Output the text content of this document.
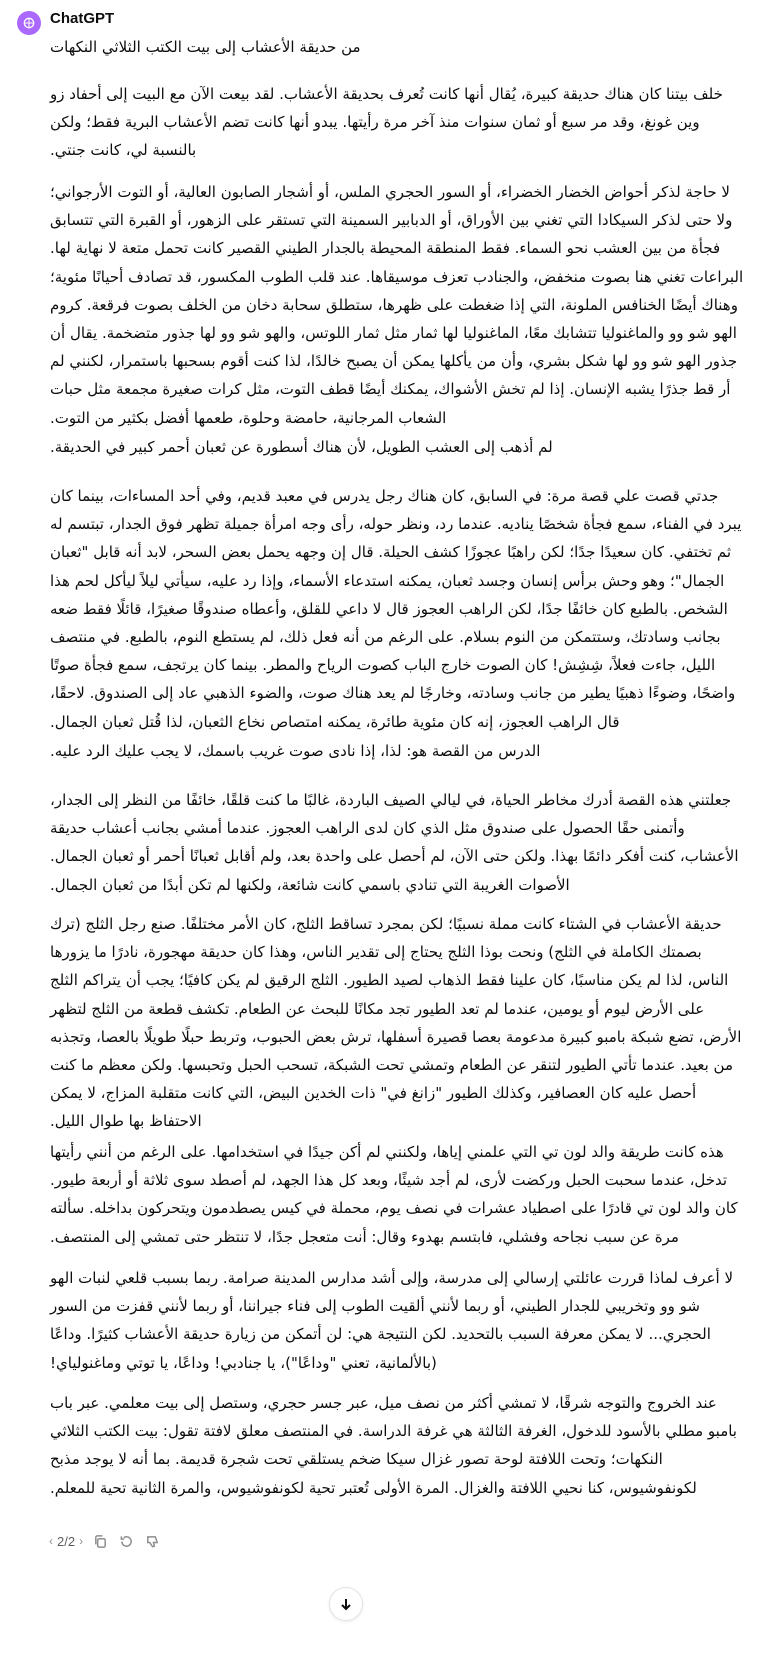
ChatGPT
من حديقة الأعشاب إلى بيت الكتب الثلاثي النكهات
خلف بيتنا كان هناك حديقة كبيرة، يُقال أنها كانت تُعرف بحديقة الأعشاب. لقد بيعت الآن مع البيت إلى أحفاد زو وين غونغ، وقد مر سبع أو ثمان سنوات منذ آخر مرة رأيتها. يبدو أنها كانت تضم الأعشاب البرية فقط؛ ولكن بالنسبة لي، كانت جنتي.
لا حاجة لذكر أحواض الخضار الخضراء، أو السور الحجري الملس، أو أشجار الصابون العالية، أو التوت الأرجواني؛ ولا حتى لذكر السيكادا التي تغني بين الأوراق، أو الدبابير السمينة التي تستقر على الزهور، أو القبرة التي تتسابق فجأة من بين العشب نحو السماء. فقط المنطقة المحيطة بالجدار الطيني القصير كانت تحمل متعة لا نهاية لها. البراعات تغني هنا بصوت منخفض، والجنادب تعزف موسيقاها. عند قلب الطوب المكسور، قد تصادف أحيانًا مئوية؛ وهناك أيضًا الخنافس الملونة، التي إذا ضغطت على ظهرها، ستطلق سحابة دخان من الخلف بصوت فرقعة. كروم الهو شو وو والماغنوليا تتشابك معًا، الماغنوليا لها ثمار مثل ثمار اللوتس، والهو شو وو لها جذور متضخمة. يقال أن جذور الهو شو وو لها شكل بشري، وأن من يأكلها يمكن أن يصبح خالدًا، لذا كنت أقوم بسحبها باستمرار، لكنني لم أر قط جذرًا يشبه الإنسان. إذا لم تخش الأشواك، يمكنك أيضًا قطف التوت، مثل كرات صغيرة مجمعة مثل حبات الشعاب المرجانية، حامضة وحلوة، طعمها أفضل بكثير من التوت.
لم أذهب إلى العشب الطويل، لأن هناك أسطورة عن ثعبان أحمر كبير في الحديقة.
جدتي قصت علي قصة مرة: في السابق، كان هناك رجل يدرس في معبد قديم، وفي أحد المساءات، بينما كان يبرد في الفناء، سمع فجأة شخصًا يناديه. عندما رد، ونظر حوله، رأى وجه امرأة جميلة تظهر فوق الجدار، تبتسم له ثم تختفي. كان سعيدًا جدًا؛ لكن راهبًا عجوزًا كشف الحيلة. قال إن وجهه يحمل بعض السحر، لابد أنه قابل "ثعبان الجمال"؛ وهو وحش برأس إنسان وجسد ثعبان، يمكنه استدعاء الأسماء، وإذا رد عليه، سيأتي ليلاً ليأكل لحم هذا الشخص. بالطبع كان خائفًا جدًا، لكن الراهب العجوز قال لا داعي للقلق، وأعطاه صندوقًا صغيرًا، قائلًا فقط ضعه بجانب وسادتك، وستتمكن من النوم بسلام. على الرغم من أنه فعل ذلك، لم يستطع النوم، بالطبع. في منتصف الليل، جاءت فعلاً، شِشِش! كان الصوت خارج الباب كصوت الرياح والمطر. بينما كان يرتجف، سمع فجأة صوتًا واضحًا، وضوءًا ذهبيًا يطير من جانب وسادته، وخارجًا لم يعد هناك صوت، والضوء الذهبي عاد إلى الصندوق. لاحقًا، قال الراهب العجوز، إنه كان مئوية طائرة، يمكنه امتصاص نخاع الثعبان، لذا قُتل ثعبان الجمال.
الدرس من القصة هو: لذا، إذا نادى صوت غريب باسمك، لا يجب عليك الرد عليه.
جعلتني هذه القصة أدرك مخاطر الحياة، في ليالي الصيف الباردة، غالبًا ما كنت قلقًا، خائفًا من النظر إلى الجدار، وأتمنى حقًا الحصول على صندوق مثل الذي كان لدى الراهب العجوز. عندما أمشي بجانب أعشاب حديقة الأعشاب، كنت أفكر دائمًا بهذا. ولكن حتى الآن، لم أحصل على واحدة بعد، ولم أقابل ثعبانًا أحمر أو ثعبان الجمال. الأصوات الغريبة التي تنادي باسمي كانت شائعة، ولكنها لم تكن أبدًا من ثعبان الجمال.
حديقة الأعشاب في الشتاء كانت مملة نسبيًا؛ لكن بمجرد تساقط الثلج، كان الأمر مختلفًا. صنع رجل الثلج (ترك بصمتك الكاملة في الثلج) ونحت بوذا الثلج يحتاج إلى تقدير الناس، وهذا كان حديقة مهجورة، نادرًا ما يزورها الناس، لذا لم يكن مناسبًا، كان علينا فقط الذهاب لصيد الطيور. الثلج الرقيق لم يكن كافيًا؛ يجب أن يتراكم الثلج على الأرض ليوم أو يومين، عندما لم تعد الطيور تجد مكانًا للبحث عن الطعام. تكشف قطعة من الثلج لتظهر الأرض، تضع شبكة بامبو كبيرة مدعومة بعصا قصيرة أسفلها، ترش بعض الحبوب، وتربط حبلًا طويلًا بالعصا، وتجذبه من بعيد. عندما تأتي الطيور لتنقر عن الطعام وتمشي تحت الشبكة، تسحب الحبل وتحبسها. ولكن معظم ما كنت أحصل عليه كان العصافير، وكذلك الطيور "زانغ في" ذات الخدين البيض، التي كانت متقلبة المزاج، لا يمكن الاحتفاظ بها طوال الليل.
هذه كانت طريقة والد لون تي التي علمني إياها، ولكنني لم أكن جيدًا في استخدامها. على الرغم من أنني رأيتها تدخل، عندما سحبت الحبل وركضت لأرى، لم أجد شيئًا، وبعد كل هذا الجهد، لم أصطد سوى ثلاثة أو أربعة طيور. كان والد لون تي قادرًا على اصطياد عشرات في نصف يوم، محملة في كيس يصطدمون ويتحركون بداخله. سألته مرة عن سبب نجاحه وفشلي، فابتسم بهدوء وقال: أنت متعجل جدًا، لا تنتظر حتى تمشي إلى المنتصف.
لا أعرف لماذا قررت عائلتي إرسالي إلى مدرسة، وإلى أشد مدارس المدينة صرامة. ربما بسبب قلعي لنبات الهو شو وو وتخريبي للجدار الطيني، أو ربما لأنني ألقيت الطوب إلى فناء جيراننا، أو ربما لأنني قفزت من السور الحجري... لا يمكن معرفة السبب بالتحديد. لكن النتيجة هي: لن أتمكن من زيارة حديقة الأعشاب كثيرًا. وداعًا (بالألمانية، تعني "وداعًا")، يا جنادبي! وداعًا، يا توتي وماغنولياي!
عند الخروج والتوجه شرقًا، لا تمشي أكثر من نصف ميل، عبر جسر حجري، وستصل إلى بيت معلمي. عبر باب بامبو مطلي بالأسود للدخول، الغرفة الثالثة هي غرفة الدراسة. في المنتصف معلق لافتة تقول: بيت الكتب الثلاثي النكهات؛ وتحت اللافتة لوحة تصور غزال سيكا ضخم يستلقي تحت شجرة قديمة. بما أنه لا يوجد مذبح لكونفوشيوس، كنا نحيي اللافتة والغزال. المرة الأولى تُعتبر تحية لكونفوشيوس، والمرة الثانية تحية للمعلم.
‹ 2/2 ›
